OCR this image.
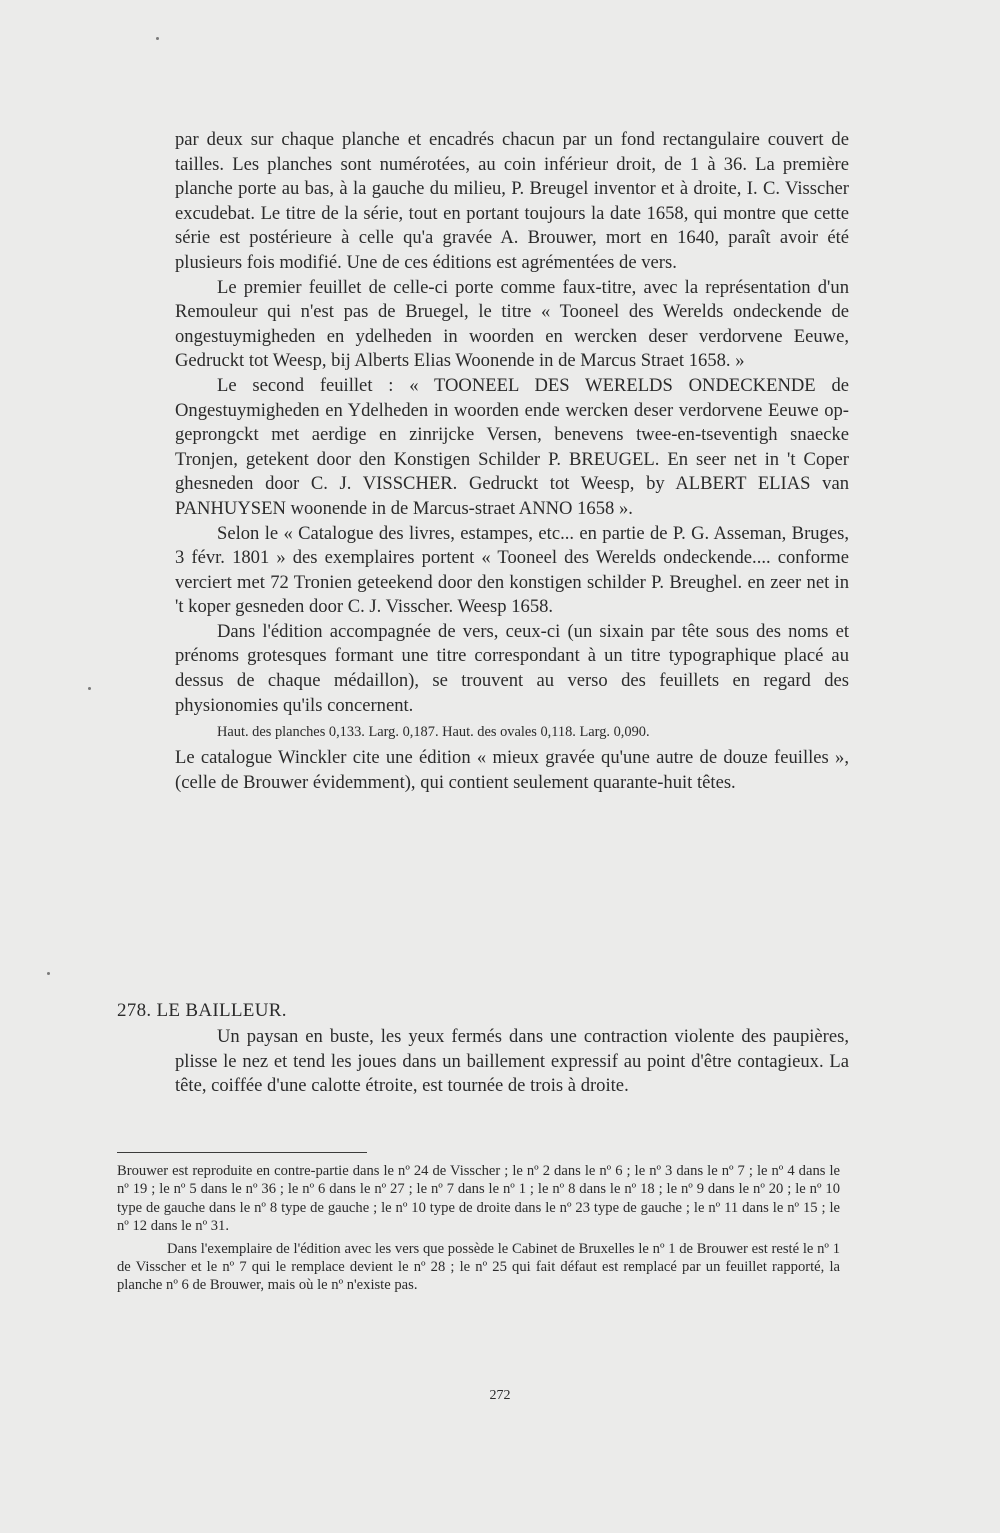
par deux sur chaque planche et encadrés chacun par un fond rectangulaire couvert de tailles. Les planches sont numérotées, au coin inférieur droit, de 1 à 36. La première planche porte au bas, à la gauche du milieu, P. Breugel inventor et à droite, I. C. Visscher excudebat. Le titre de la série, tout en portant toujours la date 1658, qui montre que cette série est postérieure à celle qu'a gravée A. Brouwer, mort en 1640, paraît avoir été plusieurs fois modifié. Une de ces éditions est agrémentées de vers.

Le premier feuillet de celle-ci porte comme faux-titre, avec la représentation d'un Remouleur qui n'est pas de Bruegel, le titre « Tooneel des Werelds ondeckende de ongestuymigheden en ydelheden in woorden en wercken deser verdorvene Eeuwe, Gedruckt tot Weesp, bij Alberts Elias Woonende in de Marcus Straet 1658. »

Le second feuillet : « TOONEEL DES WERELDS ONDECKENDE de Ongestuymigheden en Ydelheden in woorden ende wercken deser verdorvene Eeuwe op-geprongckt met aerdige en zinrijcke Versen, benevens twee-en-tseventigh snaecke Tronjen, getekent door den Konstigen Schilder P. BREUGEL. En seer net in 't Coper ghesneden door C. J. VISSCHER. Gedruckt tot Weesp, by ALBERT ELIAS van PANHUYSEN woonende in de Marcus-straet ANNO 1658 ».

Selon le « Catalogue des livres, estampes, etc... en partie de P. G. Asseman, Bruges, 3 févr. 1801 » des exemplaires portent « Tooneel des Werelds ondeckende.... conforme verciert met 72 Tronien geteekend door den konstigen schilder P. Breughel. en zeer net in 't koper gesneden door C. J. Visscher. Weesp 1658.

Dans l'édition accompagnée de vers, ceux-ci (un sixain par tête sous des noms et prénoms grotesques formant une titre correspondant à un titre typographique placé au dessus de chaque médaillon), se trouvent au verso des feuillets en regard des physionomies qu'ils concernent.

Haut. des planches 0,133. Larg. 0,187. Haut. des ovales 0,118. Larg. 0,090.

Le catalogue Winckler cite une édition « mieux gravée qu'une autre de douze feuilles », (celle de Brouwer évidemment), qui contient seulement quarante-huit têtes.

278. LE BAILLEUR.

Un paysan en buste, les yeux fermés dans une contraction violente des paupières, plisse le nez et tend les joues dans un baillement expressif au point d'être contagieux. La tête, coiffée d'une calotte étroite, est tournée de trois à droite.

Brouwer est reproduite en contre-partie dans le nº 24 de Visscher ; le nº 2 dans le nº 6 ; le nº 3 dans le nº 7 ; le nº 4 dans le nº 19 ; le nº 5 dans le nº 36 ; le nº 6 dans le nº 27 ; le nº 7 dans le nº 1 ; le nº 8 dans le nº 18 ; le nº 9 dans le nº 20 ; le nº 10 type de gauche dans le nº 8 type de gauche ; le nº 10 type de droite dans le nº 23 type de gauche ; le nº 11 dans le nº 15 ; le nº 12 dans le nº 31.

Dans l'exemplaire de l'édition avec les vers que possède le Cabinet de Bruxelles le nº 1 de Brouwer est resté le nº 1 de Visscher et le nº 7 qui le remplace devient le nº 28 ; le nº 25 qui fait défaut est remplacé par un feuillet rapporté, la planche nº 6 de Brouwer, mais où le nº n'existe pas.

272
